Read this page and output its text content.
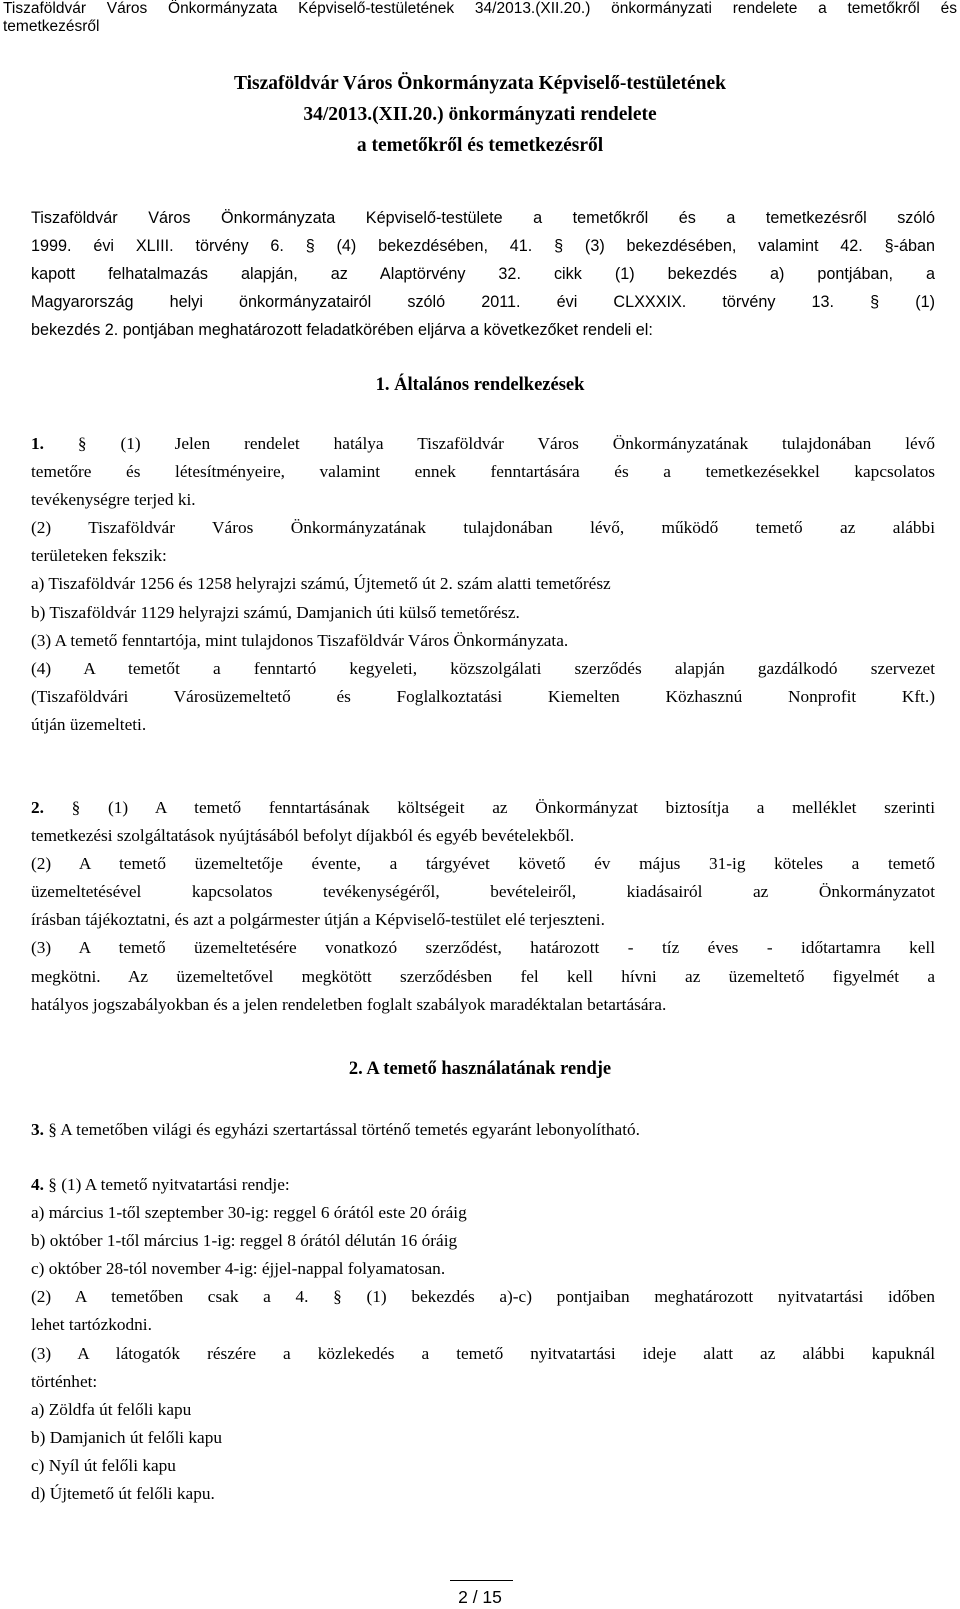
Tiszaföldvár Város Önkormányzata Képviselő-testületének 34/2013.(XII.20.) önkormányzati rendelete a temetőkről és
temetkezésről
Tiszaföldvár Város Önkormányzata Képviselő-testületének
34/2013.(XII.20.) önkormányzati rendelete
a temetőkről és temetkezésről
Tiszaföldvár Város Önkormányzata Képviselő-testülete a temetőkről és a temetkezésről szóló
1999. évi XLIII. törvény 6. § (4) bekezdésében, 41. § (3) bekezdésében, valamint 42. §-ában
kapott felhatalmazás alapján, az Alaptörvény 32. cikk (1) bekezdés a) pontjában, a
Magyarország helyi önkormányzatairól szóló 2011. évi CLXXXIX. törvény 13. § (1)
bekezdés 2. pontjában meghatározott feladatkörében eljárva a következőket rendeli el:
1. Általános rendelkezések
1. § (1) Jelen rendelet hatálya Tiszaföldvár Város Önkormányzatának tulajdonában lévő
temetőre és létesítményeire, valamint ennek fenntartására és a temetkezésekkel kapcsolatos
tevékenységre terjed ki.
(2) Tiszaföldvár Város Önkormányzatának tulajdonában lévő, működő temető az alábbi
területeken fekszik:
a) Tiszaföldvár 1256 és 1258 helyrajzi számú, Újtemető út 2. szám alatti temetőrész
b) Tiszaföldvár 1129 helyrajzi számú, Damjanich úti külső temetőrész.
(3) A temető fenntartója, mint tulajdonos Tiszaföldvár Város Önkormányzata.
(4) A temetőt a fenntartó kegyeleti, közszolgálati szerződés alapján gazdálkodó szervezet
(Tiszaföldvári Városüzemeltető és Foglalkoztatási Kiemelten Közhasznú Nonprofit Kft.)
útján üzemelteti.
2. § (1) A temető fenntartásának költségeit az Önkormányzat biztosítja a melléklet szerinti
temetkezési szolgáltatások nyújtásából befolyt díjakból és egyéb bevételekből.
(2) A temető üzemeltetője évente, a tárgyévet követő év május 31-ig köteles a temető
üzemeltetésével kapcsolatos tevékenységéről, bevételeiről, kiadásairól az Önkormányzatot
írásban tájékoztatni, és azt a polgármester útján a Képviselő-testület elé terjeszteni.
(3) A temető üzemeltetésére vonatkozó szerződést, határozott - tíz éves - időtartamra kell
megkötni. Az üzemeltetővel megkötött szerződésben fel kell hívni az üzemeltető figyelmét a
hatályos jogszabályokban és a jelen rendeletben foglalt szabályok maradéktalan betartására.
2. A temető használatának rendje
3. § A temetőben világi és egyházi szertartással történő temetés egyaránt lebonyolítható.
4. § (1) A temető nyitvatartási rendje:
a) március 1-től szeptember 30-ig: reggel 6 órától este 20 óráig
b) október 1-től március 1-ig: reggel 8 órától délután 16 óráig
c) október 28-tól november 4-ig: éjjel-nappal folyamatosan.
(2) A temetőben csak a 4. § (1) bekezdés a)-c) pontjaiban meghatározott nyitvatartási időben
lehet tartózkodni.
(3) A látogatók részére a közlekedés a temető nyitvatartási ideje alatt az alábbi kapuknál
történhet:
a) Zöldfa út felőli kapu
b) Damjanich út felőli kapu
c) Nyíl út felőli kapu
d) Újtemető út felőli kapu.
2 / 15
